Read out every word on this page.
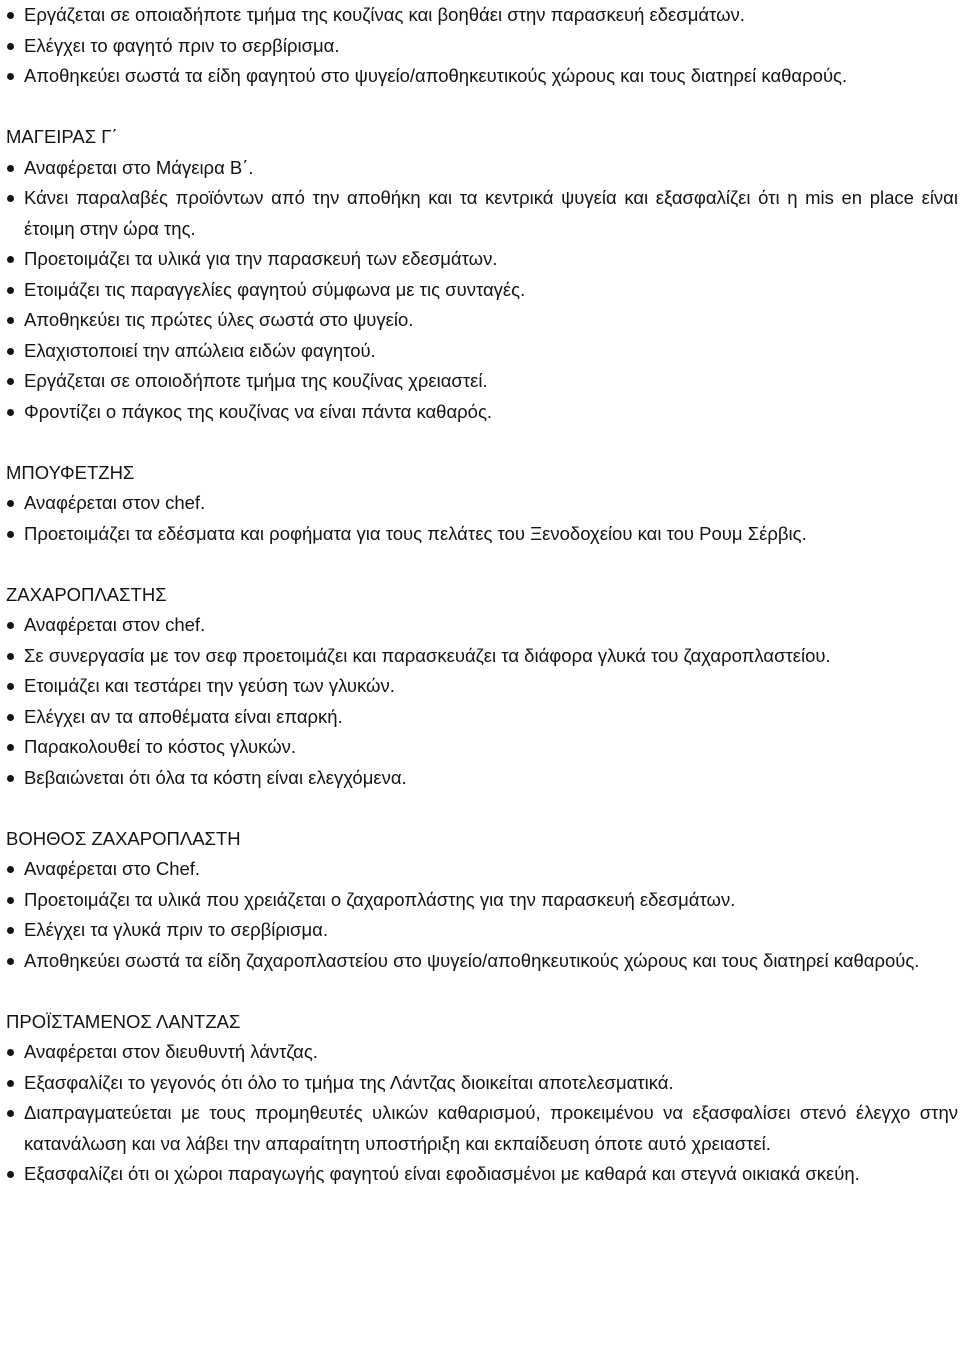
Εργάζεται σε οποιαδήποτε τμήμα της κουζίνας και βοηθάει στην παρασκευή εδεσμάτων.
Ελέγχει το φαγητό πριν το σερβίρισμα.
Αποθηκεύει σωστά τα είδη φαγητού στο ψυγείο/αποθηκευτικούς χώρους και τους διατηρεί καθαρούς.
ΜΑΓΕΙΡΑΣ Γ΄
Αναφέρεται στο Μάγειρα Β΄.
Κάνει παραλαβές προϊόντων από την αποθήκη και τα κεντρικά ψυγεία και εξασφαλίζει ότι η mis en place είναι έτοιμη στην ώρα της.
Προετοιμάζει τα υλικά για την παρασκευή των εδεσμάτων.
Ετοιμάζει τις παραγγελίες φαγητού σύμφωνα με τις συνταγές.
Αποθηκεύει τις πρώτες ύλες σωστά στο ψυγείο.
Ελαχιστοποιεί την απώλεια ειδών φαγητού.
Εργάζεται σε οποιοδήποτε τμήμα της κουζίνας χρειαστεί.
Φροντίζει ο πάγκος της κουζίνας να είναι πάντα καθαρός.
ΜΠΟΥΦΕΤΖΗΣ
Αναφέρεται στον chef.
Προετοιμάζει τα εδέσματα και ροφήματα για τους πελάτες του Ξενοδοχείου και του Ρουμ Σέρβις.
ΖΑΧΑΡΟΠΛΑΣΤΗΣ
Αναφέρεται στον chef.
Σε συνεργασία με τον σεφ προετοιμάζει και παρασκευάζει τα διάφορα γλυκά του ζαχαροπλαστείου.
Ετοιμάζει και τεστάρει την γεύση των γλυκών.
Ελέγχει αν τα αποθέματα είναι επαρκή.
Παρακολουθεί το κόστος γλυκών.
Βεβαιώνεται ότι όλα τα κόστη είναι ελεγχόμενα.
ΒΟΗΘΟΣ ΖΑΧΑΡΟΠΛΑΣΤΗ
Αναφέρεται στο Chef.
Προετοιμάζει τα υλικά που χρειάζεται ο ζαχαροπλάστης για την παρασκευή εδεσμάτων.
Ελέγχει τα γλυκά πριν το σερβίρισμα.
Αποθηκεύει σωστά τα είδη ζαχαροπλαστείου στο ψυγείο/αποθηκευτικούς χώρους και τους διατηρεί καθαρούς.
ΠΡΟΪΣΤΑΜΕΝΟΣ ΛΑΝΤΖΑΣ
Αναφέρεται στον διευθυντή λάντζας.
Εξασφαλίζει το γεγονός ότι όλο το τμήμα της Λάντζας διοικείται αποτελεσματικά.
Διαπραγματεύεται με τους προμηθευτές υλικών καθαρισμού, προκειμένου να εξασφαλίσει στενό έλεγχο στην κατανάλωση και να λάβει την απαραίτητη υποστήριξη και εκπαίδευση όποτε αυτό χρειαστεί.
Εξασφαλίζει ότι οι χώροι παραγωγής φαγητού είναι εφοδιασμένοι με καθαρά και στεγνά οικιακά σκεύη.
